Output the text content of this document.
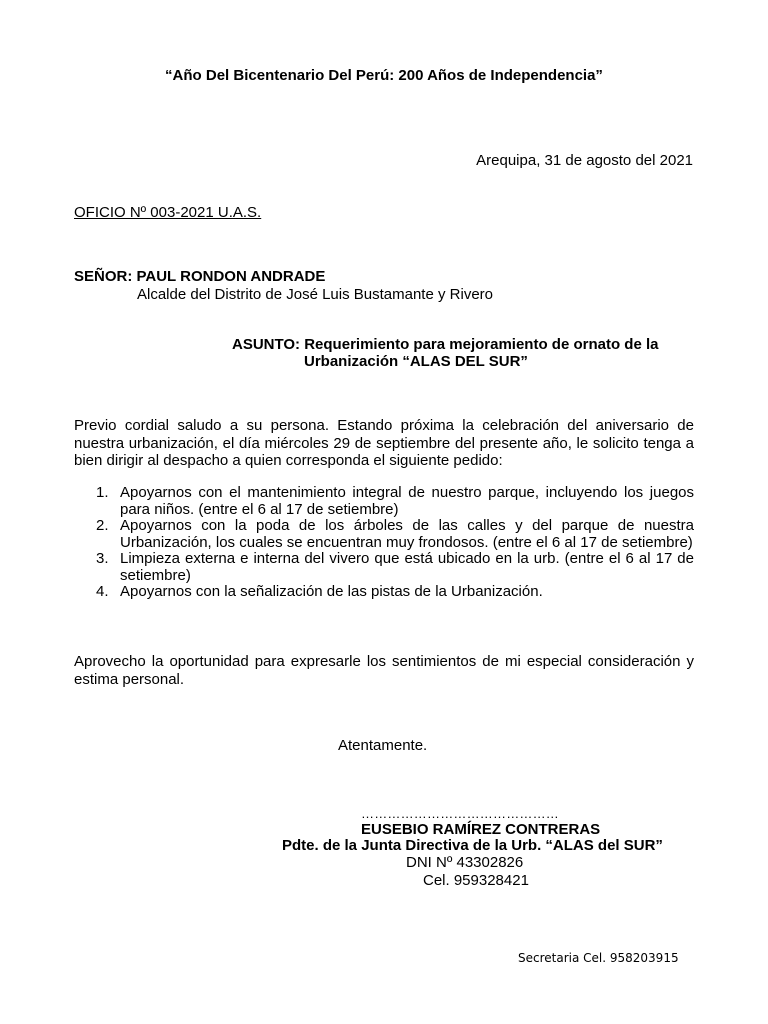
“Año Del Bicentenario Del Perú: 200 Años de Independencia”
Arequipa, 31 de agosto del 2021
OFICIO Nº 003-2021 U.A.S.
SEÑOR: PAUL RONDON ANDRADE
Alcalde del Distrito de José Luis Bustamante y Rivero
ASUNTO: Requerimiento para mejoramiento de ornato de la
Urbanización “ALAS DEL SUR”
Previo cordial saludo a su persona. Estando próxima la celebración del aniversario de nuestra urbanización, el día miércoles 29 de septiembre del presente año, le solicito tenga a bien dirigir al despacho a quien corresponda el siguiente pedido:
1. Apoyarnos con el mantenimiento integral de nuestro parque, incluyendo los juegos para niños. (entre el 6 al 17 de setiembre)
2. Apoyarnos con la poda de los árboles de las calles y del parque de nuestra Urbanización, los cuales se encuentran muy frondosos. (entre el 6 al 17 de setiembre)
3. Limpieza externa e interna del vivero que está ubicado en la urb. (entre el 6 al 17 de setiembre)
4. Apoyarnos con la señalización de las pistas de la Urbanización.
Aprovecho la oportunidad para expresarle los sentimientos de mi especial consideración y estima personal.
Atentamente.
………………………………………
EUSEBIO RAMÍREZ CONTRERAS
Pdte. de la Junta Directiva de la Urb. “ALAS del SUR”
DNI Nº 43302826
Cel. 959328421
Secretaria Cel. 958203915
